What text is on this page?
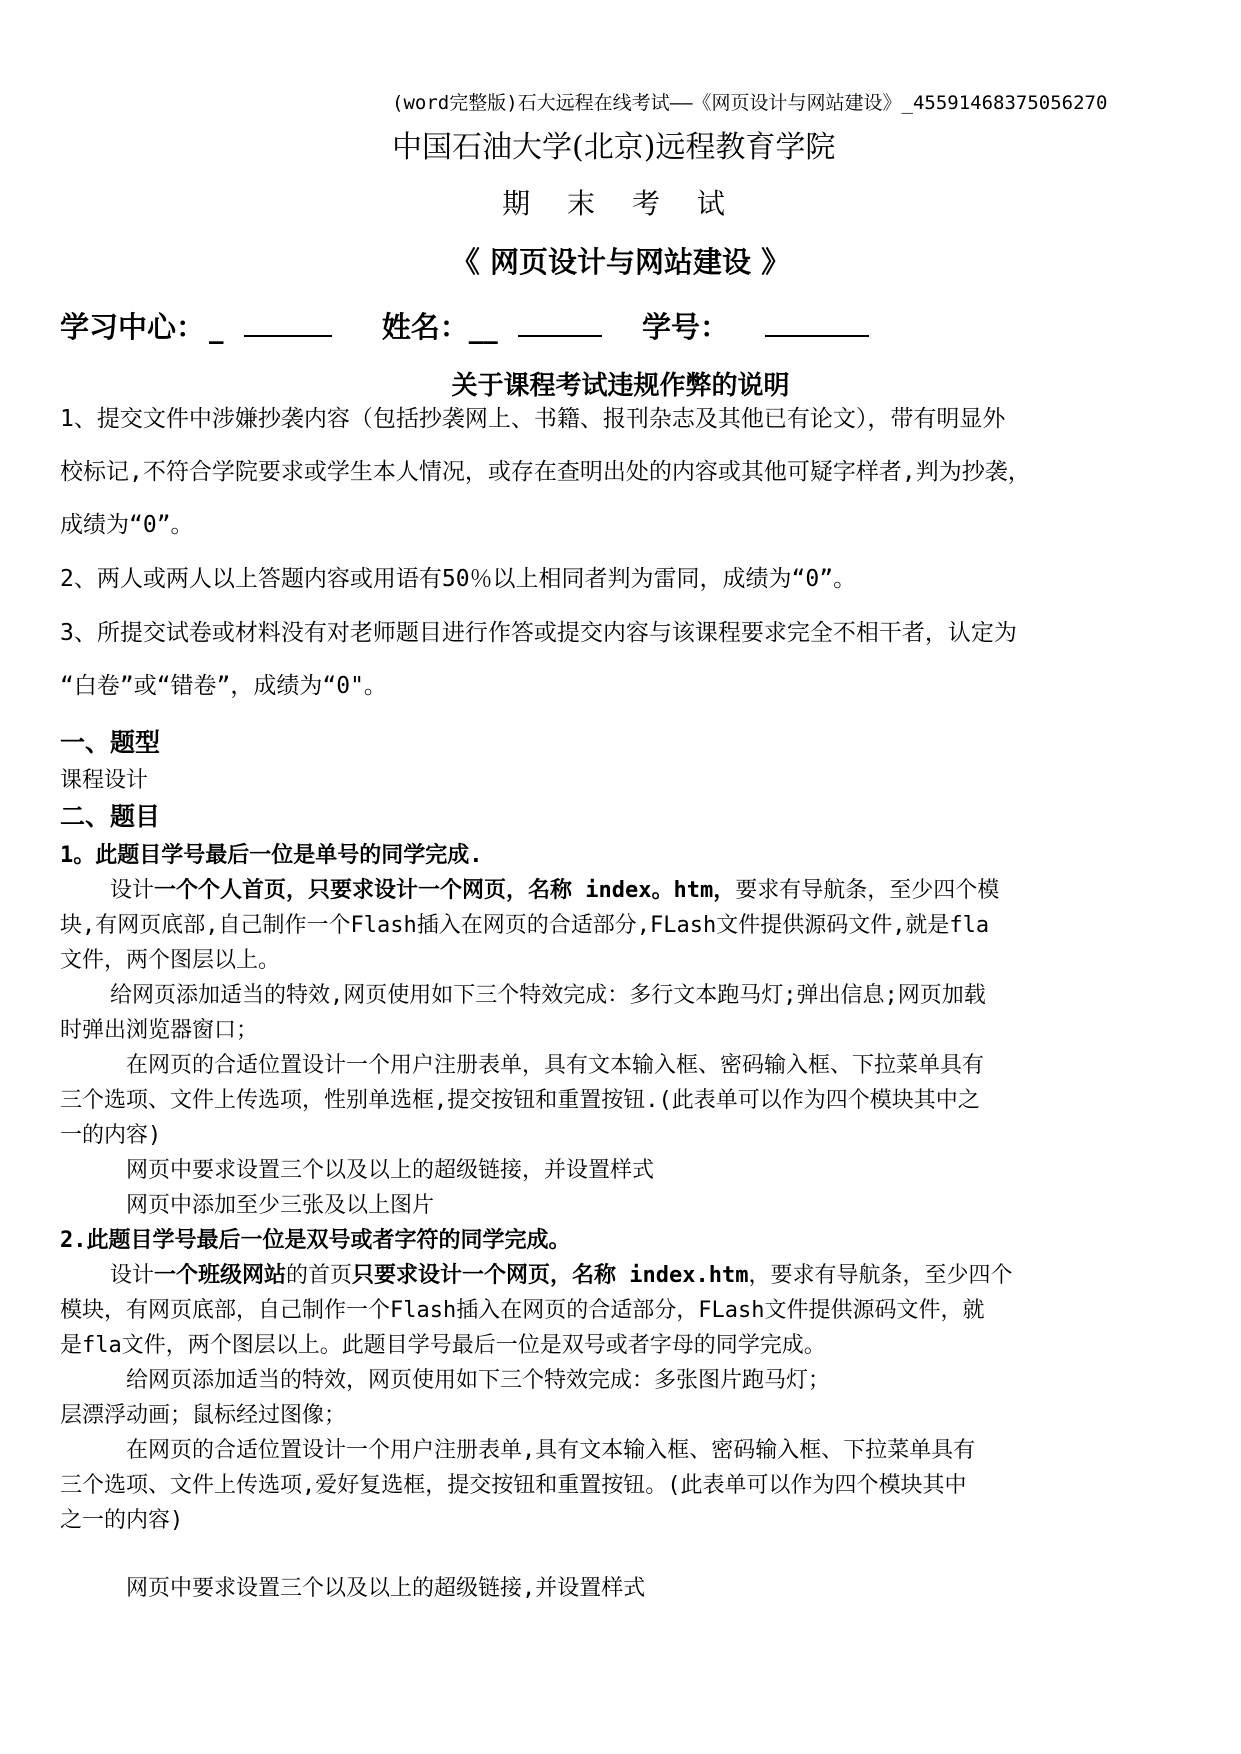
(word完整版)石大远程在线考试——《网页设计与网站建设》_45591468375056270

中国石油大学(北京)远程教育学院

期 末 考 试

《 网页设计与网站建设 》

学习中心： _	姓名：__	学号：

关于课程考试违规作弊的说明

1、提交文件中涉嫌抄袭内容（包括抄袭网上、书籍、报刊杂志及其他已有论文），带有明显外

校标记,不符合学院要求或学生本人情况，或存在查明出处的内容或其他可疑字样者,判为抄袭，

成绩为“0”。

2、两人或两人以上答题内容或用语有50％以上相同者判为雷同，成绩为“0”。

3、所提交试卷或材料没有对老师题目进行作答或提交内容与该课程要求完全不相干者，认定为

“白卷”或“错卷”，成绩为“0"。

一、题型

课程设计

二、题目

1。此题目学号最后一位是单号的同学完成.

设计一个个人首页，只要求设计一个网页，名称 index。htm，要求有导航条，至少四个模

块,有网页底部,自己制作一个Flash插入在网页的合适部分,FLash文件提供源码文件,就是fla

文件，两个图层以上。

给网页添加适当的特效,网页使用如下三个特效完成：多行文本跑马灯;弹出信息;网页加载

时弹出浏览器窗口；

在网页的合适位置设计一个用户注册表单，具有文本输入框、密码输入框、下拉菜单具有

三个选项、文件上传选项，性别单选框,提交按钮和重置按钮.(此表单可以作为四个模块其中之

一的内容)

网页中要求设置三个以及以上的超级链接，并设置样式

网页中添加至少三张及以上图片

2.此题目学号最后一位是双号或者字符的同学完成。

设计一个班级网站的首页只要求设计一个网页，名称 index.htm，要求有导航条，至少四个

模块，有网页底部，自己制作一个Flash插入在网页的合适部分，FLash文件提供源码文件，就

是fla文件，两个图层以上。此题目学号最后一位是双号或者字母的同学完成。

给网页添加适当的特效，网页使用如下三个特效完成：多张图片跑马灯；

层漂浮动画；鼠标经过图像；

在网页的合适位置设计一个用户注册表单,具有文本输入框、密码输入框、下拉菜单具有

三个选项、文件上传选项,爱好复选框，提交按钮和重置按钮。(此表单可以作为四个模块其中

之一的内容)

网页中要求设置三个以及以上的超级链接,并设置样式
